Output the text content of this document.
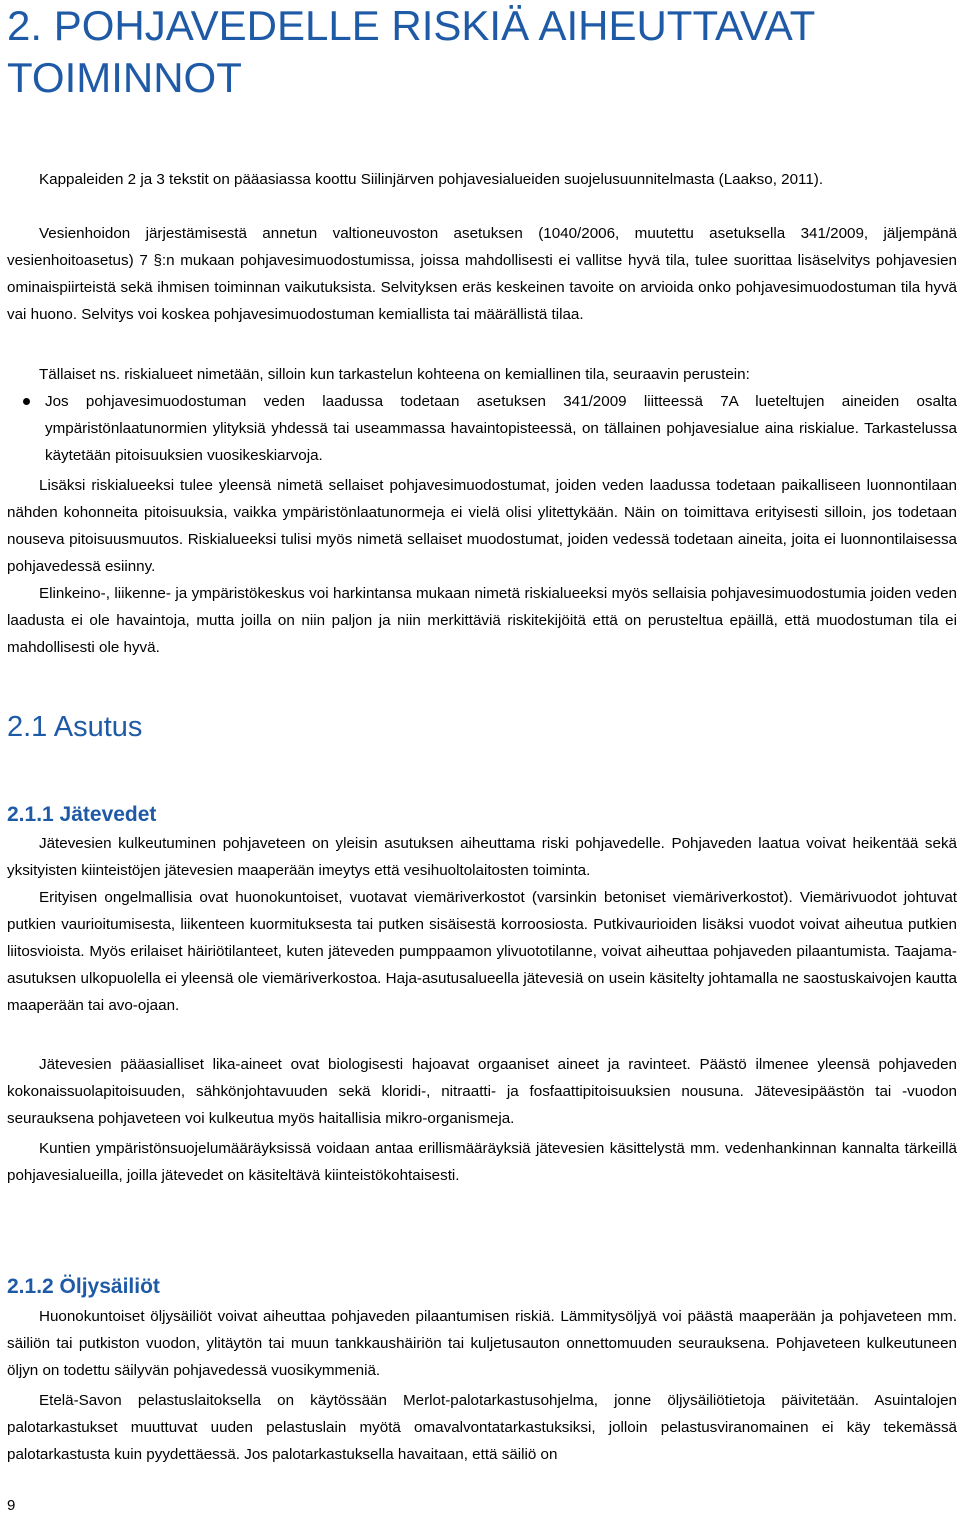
2. POHJAVEDELLE RISKIÄ AIHEUTTAVAT TOIMINNOT

Kappaleiden 2 ja 3 tekstit on pääasiassa koottu Siilinjärven pohjavesialueiden suojelusuunnitelmasta (Laakso, 2011).

Vesienhoidon järjestämisestä annetun valtioneuvoston asetuksen (1040/2006, muutettu asetuksella 341/2009, jäljempänä vesienhoitoasetus) 7 §:n mukaan pohjavesimuodostumissa, joissa mahdollisesti ei vallitse hyvä tila, tulee suorittaa lisäselvitys pohjavesien ominaispiirteistä sekä ihmisen toiminnan vaikutuksista. Selvityksen eräs keskeinen tavoite on arvioida onko pohjavesimuodostuman tila hyvä vai huono. Selvitys voi koskea pohjavesimuodostuman kemiallista tai määrällistä tilaa.

Tällaiset ns. riskialueet nimetään, silloin kun tarkastelun kohteena on kemiallinen tila, seuraavin perustein:

Jos pohjavesimuodostuman veden laadussa todetaan asetuksen 341/2009 liitteessä 7A lueteltujen aineiden osalta ympäristönlaatunormien ylityksiä yhdessä tai useammassa havaintopisteessä, on tällainen pohjavesialue aina riskialue. Tarkastelussa käytetään pitoisuuksien vuosikeskiarvoja.

Lisäksi riskialueeksi tulee yleensä nimetä sellaiset pohjavesimuodostumat, joiden veden laadussa todetaan paikalliseen luonnontilaan nähden kohonneita pitoisuuksia, vaikka ympäristönlaatunormeja ei vielä olisi ylitettykään. Näin on toimittava erityisesti silloin, jos todetaan nouseva pitoisuusmuutos. Riskialueeksi tulisi myös nimetä sellaiset muodostumat, joiden vedessä todetaan aineita, joita ei luonnontilaisessa pohjavedessä esiinny.

Elinkeino-, liikenne- ja ympäristökeskus voi harkintansa mukaan nimetä riskialueeksi myös sellaisia pohjavesimuodostumia joiden veden laadusta ei ole havaintoja, mutta joilla on niin paljon ja niin merkittäviä riskitekijöitä että on perusteltua epäillä, että muodostuman tila ei mahdollisesti ole hyvä.

2.1 Asutus
2.1.1 Jätevedet

Jätevesien kulkeutuminen pohjaveteen on yleisin asutuksen aiheuttama riski pohjavedelle. Pohjaveden laatua voivat heikentää sekä yksityisten kiinteistöjen jätevesien maaperään imeytys että vesihuoltolaitosten toiminta.

Erityisen ongelmallisia ovat huonokuntoiset, vuotavat viemäriverkostot (varsinkin betoniset viemäriverkostot). Viemärivuodot johtuvat putkien vaurioitumisesta, liikenteen kuormituksesta tai putken sisäisestä korroosiosta. Putkivaurioiden lisäksi vuodot voivat aiheutua putkien liitosvioista. Myös erilaiset häiriötilanteet, kuten jäteveden pumppaamon ylivuototilanne, voivat aiheuttaa pohjaveden pilaantumista. Taajama-asutuksen ulkopuolella ei yleensä ole viemäriverkostoa. Haja-asutusalueella jätevesiä on usein käsitelty johtamalla ne saostuskaivojen kautta maaperään tai avo-ojaan.

Jätevesien pääasialliset lika-aineet ovat biologisesti hajoavat orgaaniset aineet ja ravinteet. Päästö ilmenee yleensä pohjaveden kokonaissuolapitoisuuden, sähkönjohtavuuden sekä kloridi-, nitraatti- ja fosfaattipitoisuuksien nousuna. Jätevesipäästön tai -vuodon seurauksena pohjaveteen voi kulkeutua myös haitallisia mikro-organismeja.

Kuntien ympäristönsuojelumääräyksissä voidaan antaa erillismääräyksiä jätevesien käsittelystä mm. vedenhankinnan kannalta tärkeillä pohjavesialueilla, joilla jätevedet on käsiteltävä kiinteistökohtaisesti.

2.1.2 Öljysäiliöt

Huonokuntoiset öljysäiliöt voivat aiheuttaa pohjaveden pilaantumisen riskiä. Lämmitysöljyä voi päästä maaperään ja pohjaveteen mm. säiliön tai putkiston vuodon, ylitäytön tai muun tankkaushäiriön tai kuljetusauton onnettomuuden seurauksena. Pohjaveteen kulkeutuneen öljyn on todettu säilyvän pohjavedessä vuosikymmeniä.

Etelä-Savon pelastuslaitoksella on käytössään Merlot-palotarkastusohjelma, jonne öljysäiliötietoja päivitetään. Asuintalojen palotarkastukset muuttuvat uuden pelastuslain myötä omavalvontatarkastuksiksi, jolloin pelastusviranomainen ei käy tekemässä palotarkastusta kuin pyydettäessä. Jos palotarkastuksella havaitaan, että säiliö on

9
